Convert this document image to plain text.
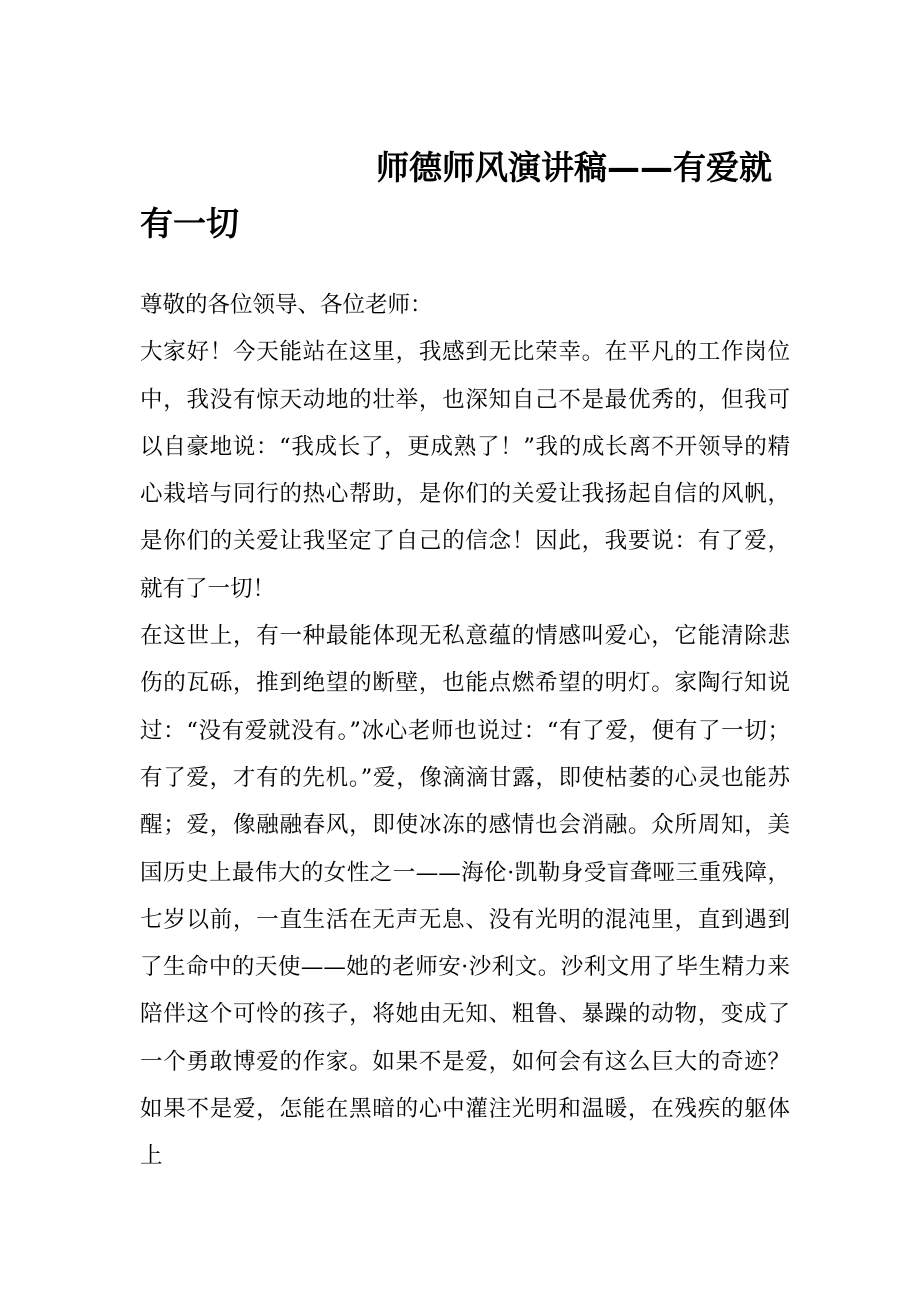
师德师风演讲稿——有爱就有一切

尊敬的各位领导、各位老师：

大家好！今天能站在这里，我感到无比荣幸。在平凡的工作岗位中，我没有惊天动地的壮举，也深知自己不是最优秀的，但我可以自豪地说：“我成长了，更成熟了！”我的成长离不开领导的精心栽培与同行的热心帮助，是你们的关爱让我扬起自信的风帆，是你们的关爱让我坚定了自己的信念！因此，我要说：有了爱，就有了一切！

在这世上，有一种最能体现无私意蕴的情感叫爱心，它能清除悲伤的瓦砾，推到绝望的断壁，也能点燃希望的明灯。家陶行知说过：“没有爱就没有。”冰心老师也说过：“有了爱，便有了一切；有了爱，才有的先机。”爱，像滴滴甘露，即使枯萎的心灵也能苏醒；爱，像融融春风，即使冰冻的感情也会消融。众所周知，美国历史上最伟大的女性之一——海伦·凯勒身受盲聋哑三重残障，七岁以前，一直生活在无声无息、没有光明的混沌里，直到遇到了生命中的天使——她的老师安·沙利文。沙利文用了毕生精力来陪伴这个可怜的孩子，将她由无知、粗鲁、暴躁的动物，变成了一个勇敢博爱的作家。如果不是爱，如何会有这么巨大的奇迹？如果不是爱，怎能在黑暗的心中灌注光明和温暖，在残疾的躯体上
